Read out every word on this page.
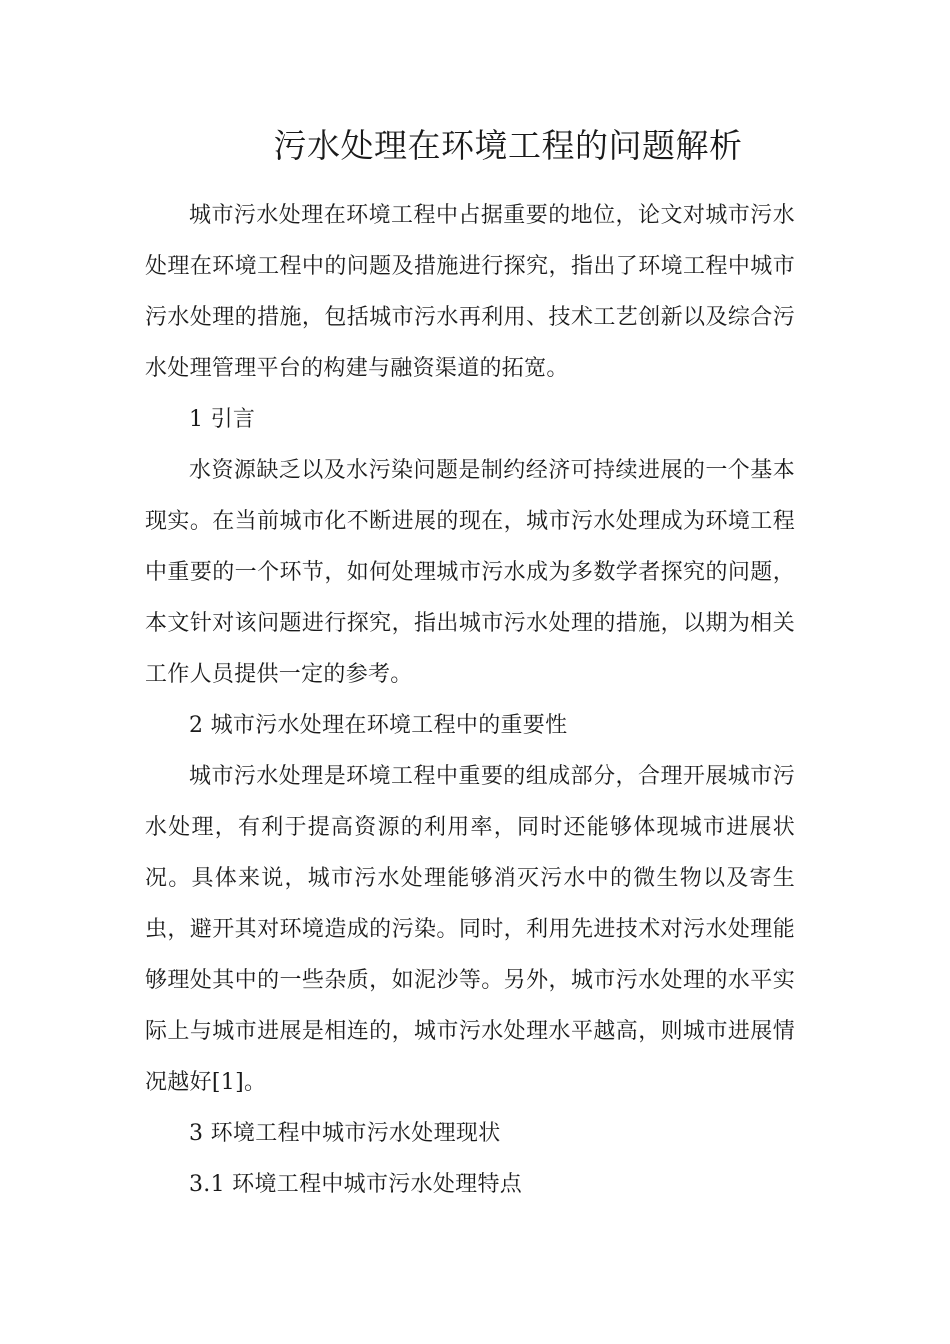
污水处理在环境工程的问题解析

城市污水处理在环境工程中占据重要的地位，论文对城市污水处理在环境工程中的问题及措施进行探究，指出了环境工程中城市污水处理的措施，包括城市污水再利用、技术工艺创新以及综合污水处理管理平台的构建与融资渠道的拓宽。

1 引言

水资源缺乏以及水污染问题是制约经济可持续进展的一个基本现实。在当前城市化不断进展的现在，城市污水处理成为环境工程中重要的一个环节，如何处理城市污水成为多数学者探究的问题，本文针对该问题进行探究，指出城市污水处理的措施，以期为相关工作人员提供一定的参考。

2 城市污水处理在环境工程中的重要性

城市污水处理是环境工程中重要的组成部分，合理开展城市污水处理，有利于提高资源的利用率，同时还能够体现城市进展状况。具体来说，城市污水处理能够消灭污水中的微生物以及寄生虫，避开其对环境造成的污染。同时，利用先进技术对污水处理能够理处其中的一些杂质，如泥沙等。另外，城市污水处理的水平实际上与城市进展是相连的，城市污水处理水平越高，则城市进展情况越好[1]。

3 环境工程中城市污水处理现状

3.1 环境工程中城市污水处理特点
